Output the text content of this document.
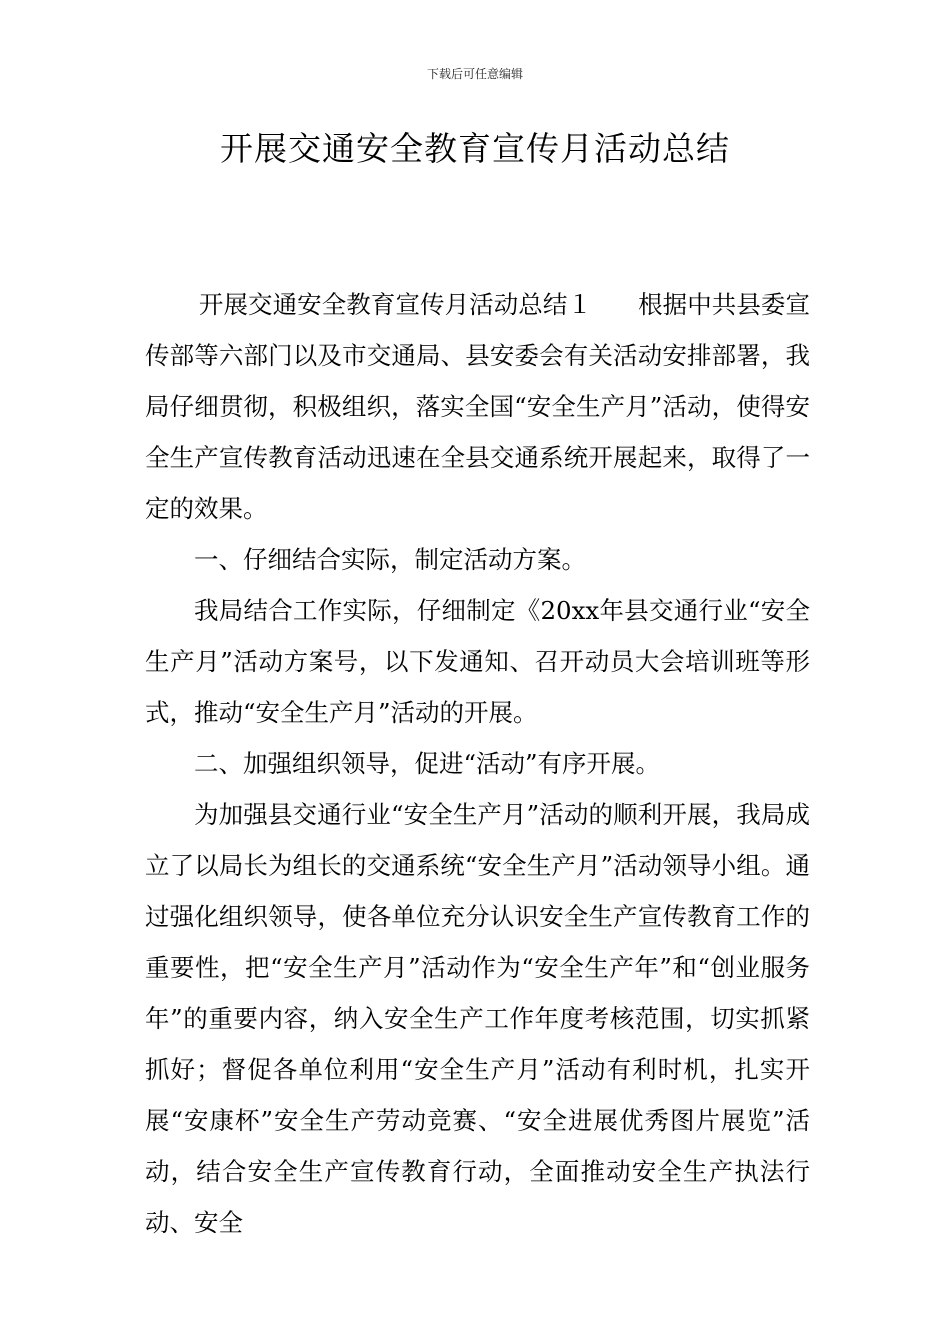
下载后可任意编辑
开展交通安全教育宣传月活动总结

开展交通安全教育宣传月活动总结１ 根据中共县委宣传部等六部门以及市交通局、县安委会有关活动安排部署，我局仔细贯彻，积极组织，落实全国“安全生产月”活动，使得安全生产宣传教育活动迅速在全县交通系统开展起来，取得了一定的效果。

一、仔细结合实际，制定活动方案。

我局结合工作实际，仔细制定《20xx年县交通行业“安全生产月”活动方案号，以下发通知、召开动员大会培训班等形式，推动“安全生产月”活动的开展。

二、加强组织领导，促进“活动”有序开展。

为加强县交通行业“安全生产月”活动的顺利开展，我局成立了以局长为组长的交通系统“安全生产月”活动领导小组。通过强化组织领导，使各单位充分认识安全生产宣传教育工作的重要性，把“安全生产月”活动作为“安全生产年”和“创业服务年”的重要内容，纳入安全生产工作年度考核范围，切实抓紧抓好；督促各单位利用“安全生产月”活动有利时机，扎实开展“安康杯”安全生产劳动竞赛、“安全进展优秀图片展览”活动，结合安全生产宣传教育行动，全面推动安全生产执法行动、安全
